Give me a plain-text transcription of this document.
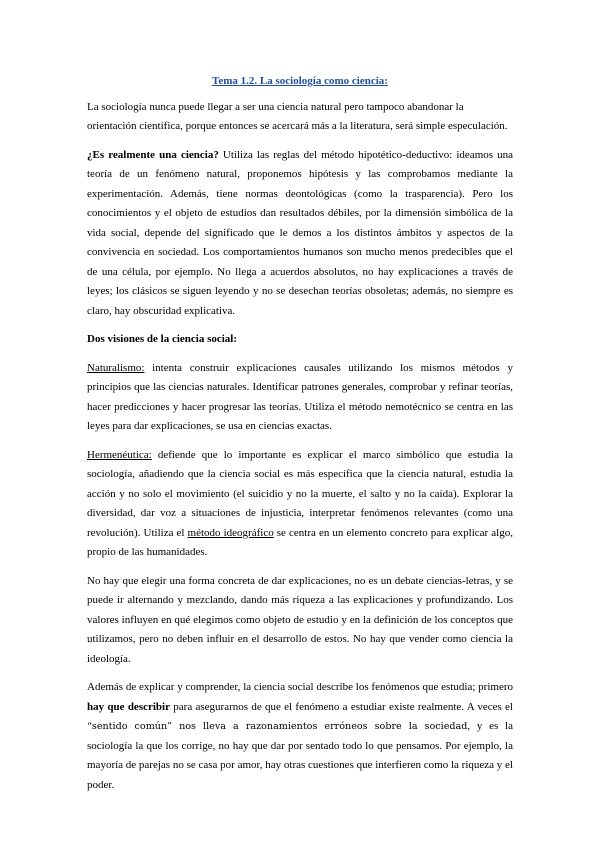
Tema 1.2. La sociología como ciencia:

La sociología nunca puede llegar a ser una ciencia natural pero tampoco abandonar la orientación científica, porque entonces se acercará más a la literatura, será simple especulación.

¿Es realmente una ciencia? Utiliza las reglas del método hipotético-deductivo: ideamos una teoría de un fenómeno natural, proponemos hipótesis y las comprobamos mediante la experimentación. Además, tiene normas deontológicas (como la trasparencia). Pero los conocimientos y el objeto de estudios dan resultados débiles, por la dimensión simbólica de la vida social, depende del significado que le demos a los distintos ámbitos y aspectos de la convivencia en sociedad. Los comportamientos humanos son mucho menos predecibles que el de una célula, por ejemplo. No llega a acuerdos absolutos, no hay explicaciones a través de leyes; los clásicos se siguen leyendo y no se desechan teorías obsoletas; además, no siempre es claro, hay obscuridad explicativa.

Dos visiones de la ciencia social:

Naturalismo: intenta construir explicaciones causales utilizando los mismos métodos y principios que las ciencias naturales. Identificar patrones generales, comprobar y refinar teorías, hacer predicciones y hacer progresar las teorías. Utiliza el método nemotécnico se centra en las leyes para dar explicaciones, se usa en ciencias exactas.

Hermenéutica: defiende que lo importante es explicar el marco simbólico que estudia la sociología, añadiendo que la ciencia social es más específica que la ciencia natural, estudia la acción y no solo el movimiento (el suicidio y no la muerte, el salto y no la caída). Explorar la diversidad, dar voz a situaciones de injusticia, interpretar fenómenos relevantes (como una revolución). Utiliza el método ideográfico se centra en un elemento concreto para explicar algo, propio de las humanidades.

No hay que elegir una forma concreta de dar explicaciones, no es un debate ciencias-letras, y se puede ir alternando y mezclando, dando más riqueza a las explicaciones y profundizando. Los valores influyen en qué elegimos como objeto de estudio y en la definición de los conceptos que utilizamos, pero no deben influir en el desarrollo de estos. No hay que vender como ciencia la ideología.

Además de explicar y comprender, la ciencia social describe los fenómenos que estudia; primero hay que describir para asegurarnos de que el fenómeno a estudiar existe realmente. A veces el “sentido común” nos lleva a razonamientos erróneos sobre la sociedad, y es la sociología la que los corrige, no hay que dar por sentado todo lo que pensamos. Por ejemplo, la mayoría de parejas no se casa por amor, hay otras cuestiones que interfieren como la riqueza y el poder.
